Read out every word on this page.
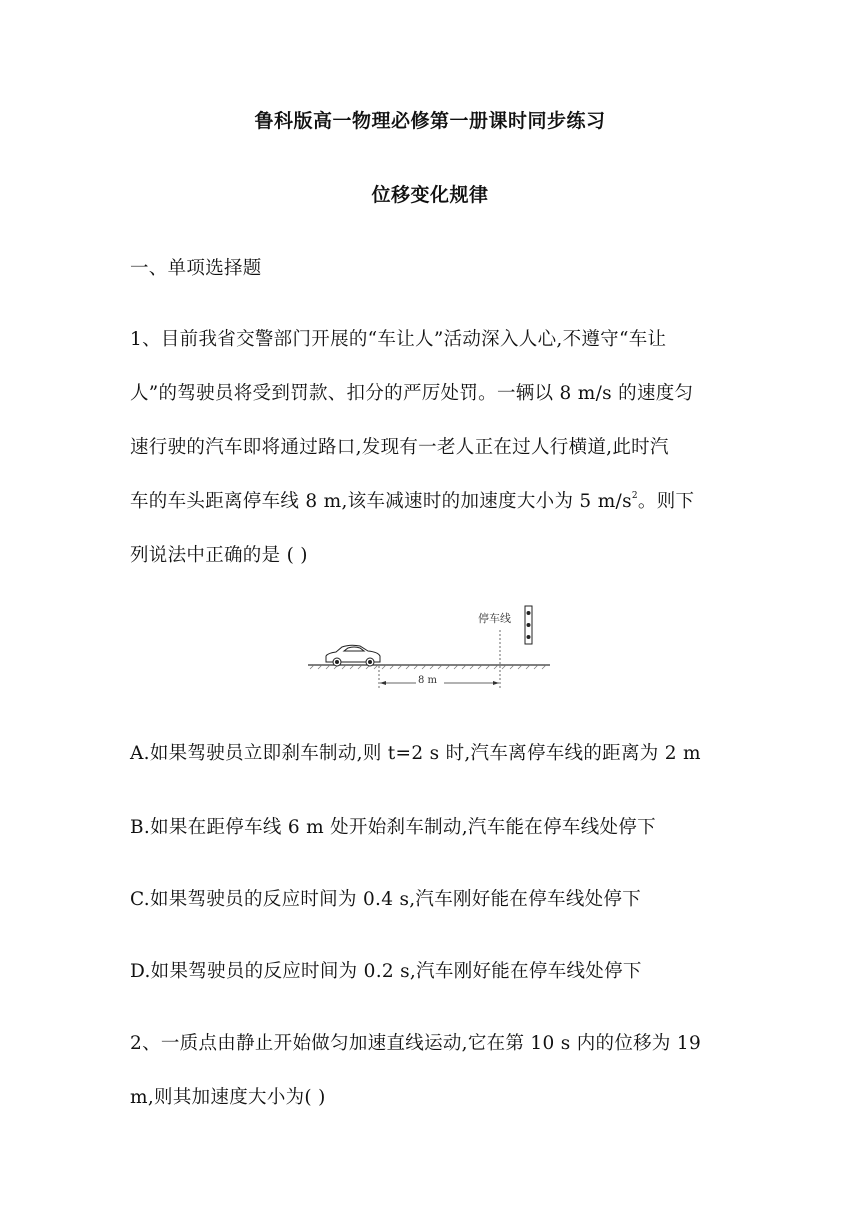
鲁科版高一物理必修第一册课时同步练习
位移变化规律
一、单项选择题
1、目前我省交警部门开展的“车让人”活动深入人心,不遵守“车让
人”的驾驶员将受到罚款、扣分的严厉处罚。一辆以 8 m/s 的速度匀
速行驶的汽车即将通过路口,发现有一老人正在过人行横道,此时汽
车的车头距离停车线 8 m,该车减速时的加速度大小为 5 $m/s^2$。则下
列说法中正确的是 ( )
停车线
8 m
A.如果驾驶员立即刹车制动,则 t=2 s 时,汽车离停车线的距离为 2 m
B.如果在距停车线 6 m 处开始刹车制动,汽车能在停车线处停下
C.如果驾驶员的反应时间为 0.4 s,汽车刚好能在停车线处停下
D.如果驾驶员的反应时间为 0.2 s,汽车刚好能在停车线处停下
2、一质点由静止开始做匀加速直线运动,它在第 10 s 内的位移为 19
m,则其加速度大小为( )
